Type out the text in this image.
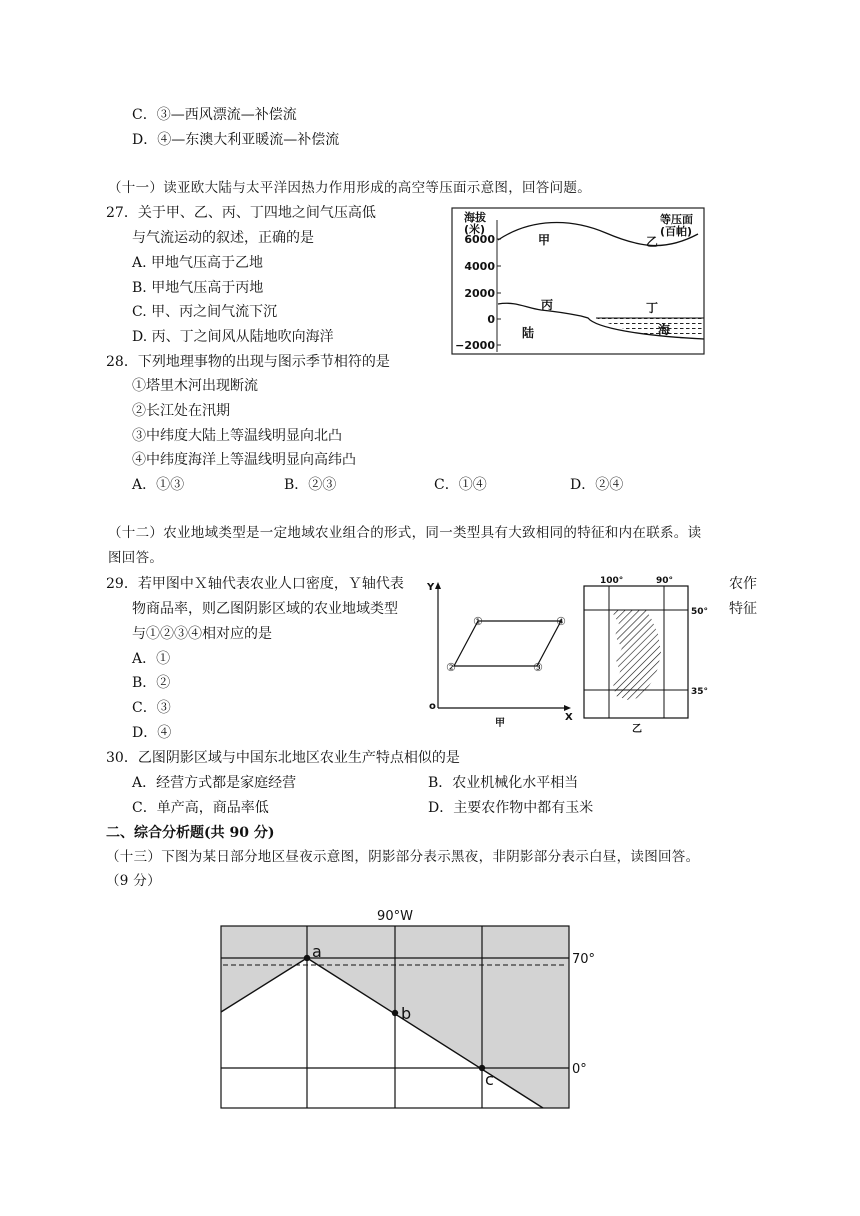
C．③—西风漂流—补偿流
D．④—东澳大利亚暖流—补偿流
（十一）读亚欧大陆与太平洋因热力作用形成的高空等压面示意图，回答问题。
27．关于甲、乙、丙、丁四地之间气压高低
与气流运动的叙述，正确的是
A. 甲地气压高于乙地
B. 甲地气压高于丙地
C. 甲、丙之间气流下沉
D. 丙、丁之间风从陆地吹向海洋
28．下列地理事物的出现与图示季节相符的是
①塔里木河出现断流
②长江处在汛期
③中纬度大陆上等温线明显向北凸
④中纬度海洋上等温线明显向高纬凸
A．①③	B．②③	C．①④	D．②④
6000
4000
2000
0
−2000
海拔
(米)
等压面
(百帕)
甲	乙
丙	丁
陆	海
（十二）农业地域类型是一定地域农业组合的形式，同一类型具有大致相同的特征和内在联系。读
图回答。
29．若甲图中Ｘ轴代表农业人口密度，Ｙ轴代表
物商品率，则乙图阴影区域的农业地域类型
与①②③④相对应的是
农作
特征
A．①
B．②
C．③
D．④
Y
X
o
①	④
②	③
甲
100°	90°
50°
35°
乙
30．乙图阴影区域与中国东北地区农业生产特点相似的是
A．经营方式都是家庭经营	B．农业机械化水平相当
C．单产高，商品率低	D．主要农作物中都有玉米
二、综合分析题(共 90 分)
（十三）下图为某日部分地区昼夜示意图，阴影部分表示黑夜，非阴影部分表示白昼，读图回答。
（9 分）
90°W
a
b
c
70°
0°
